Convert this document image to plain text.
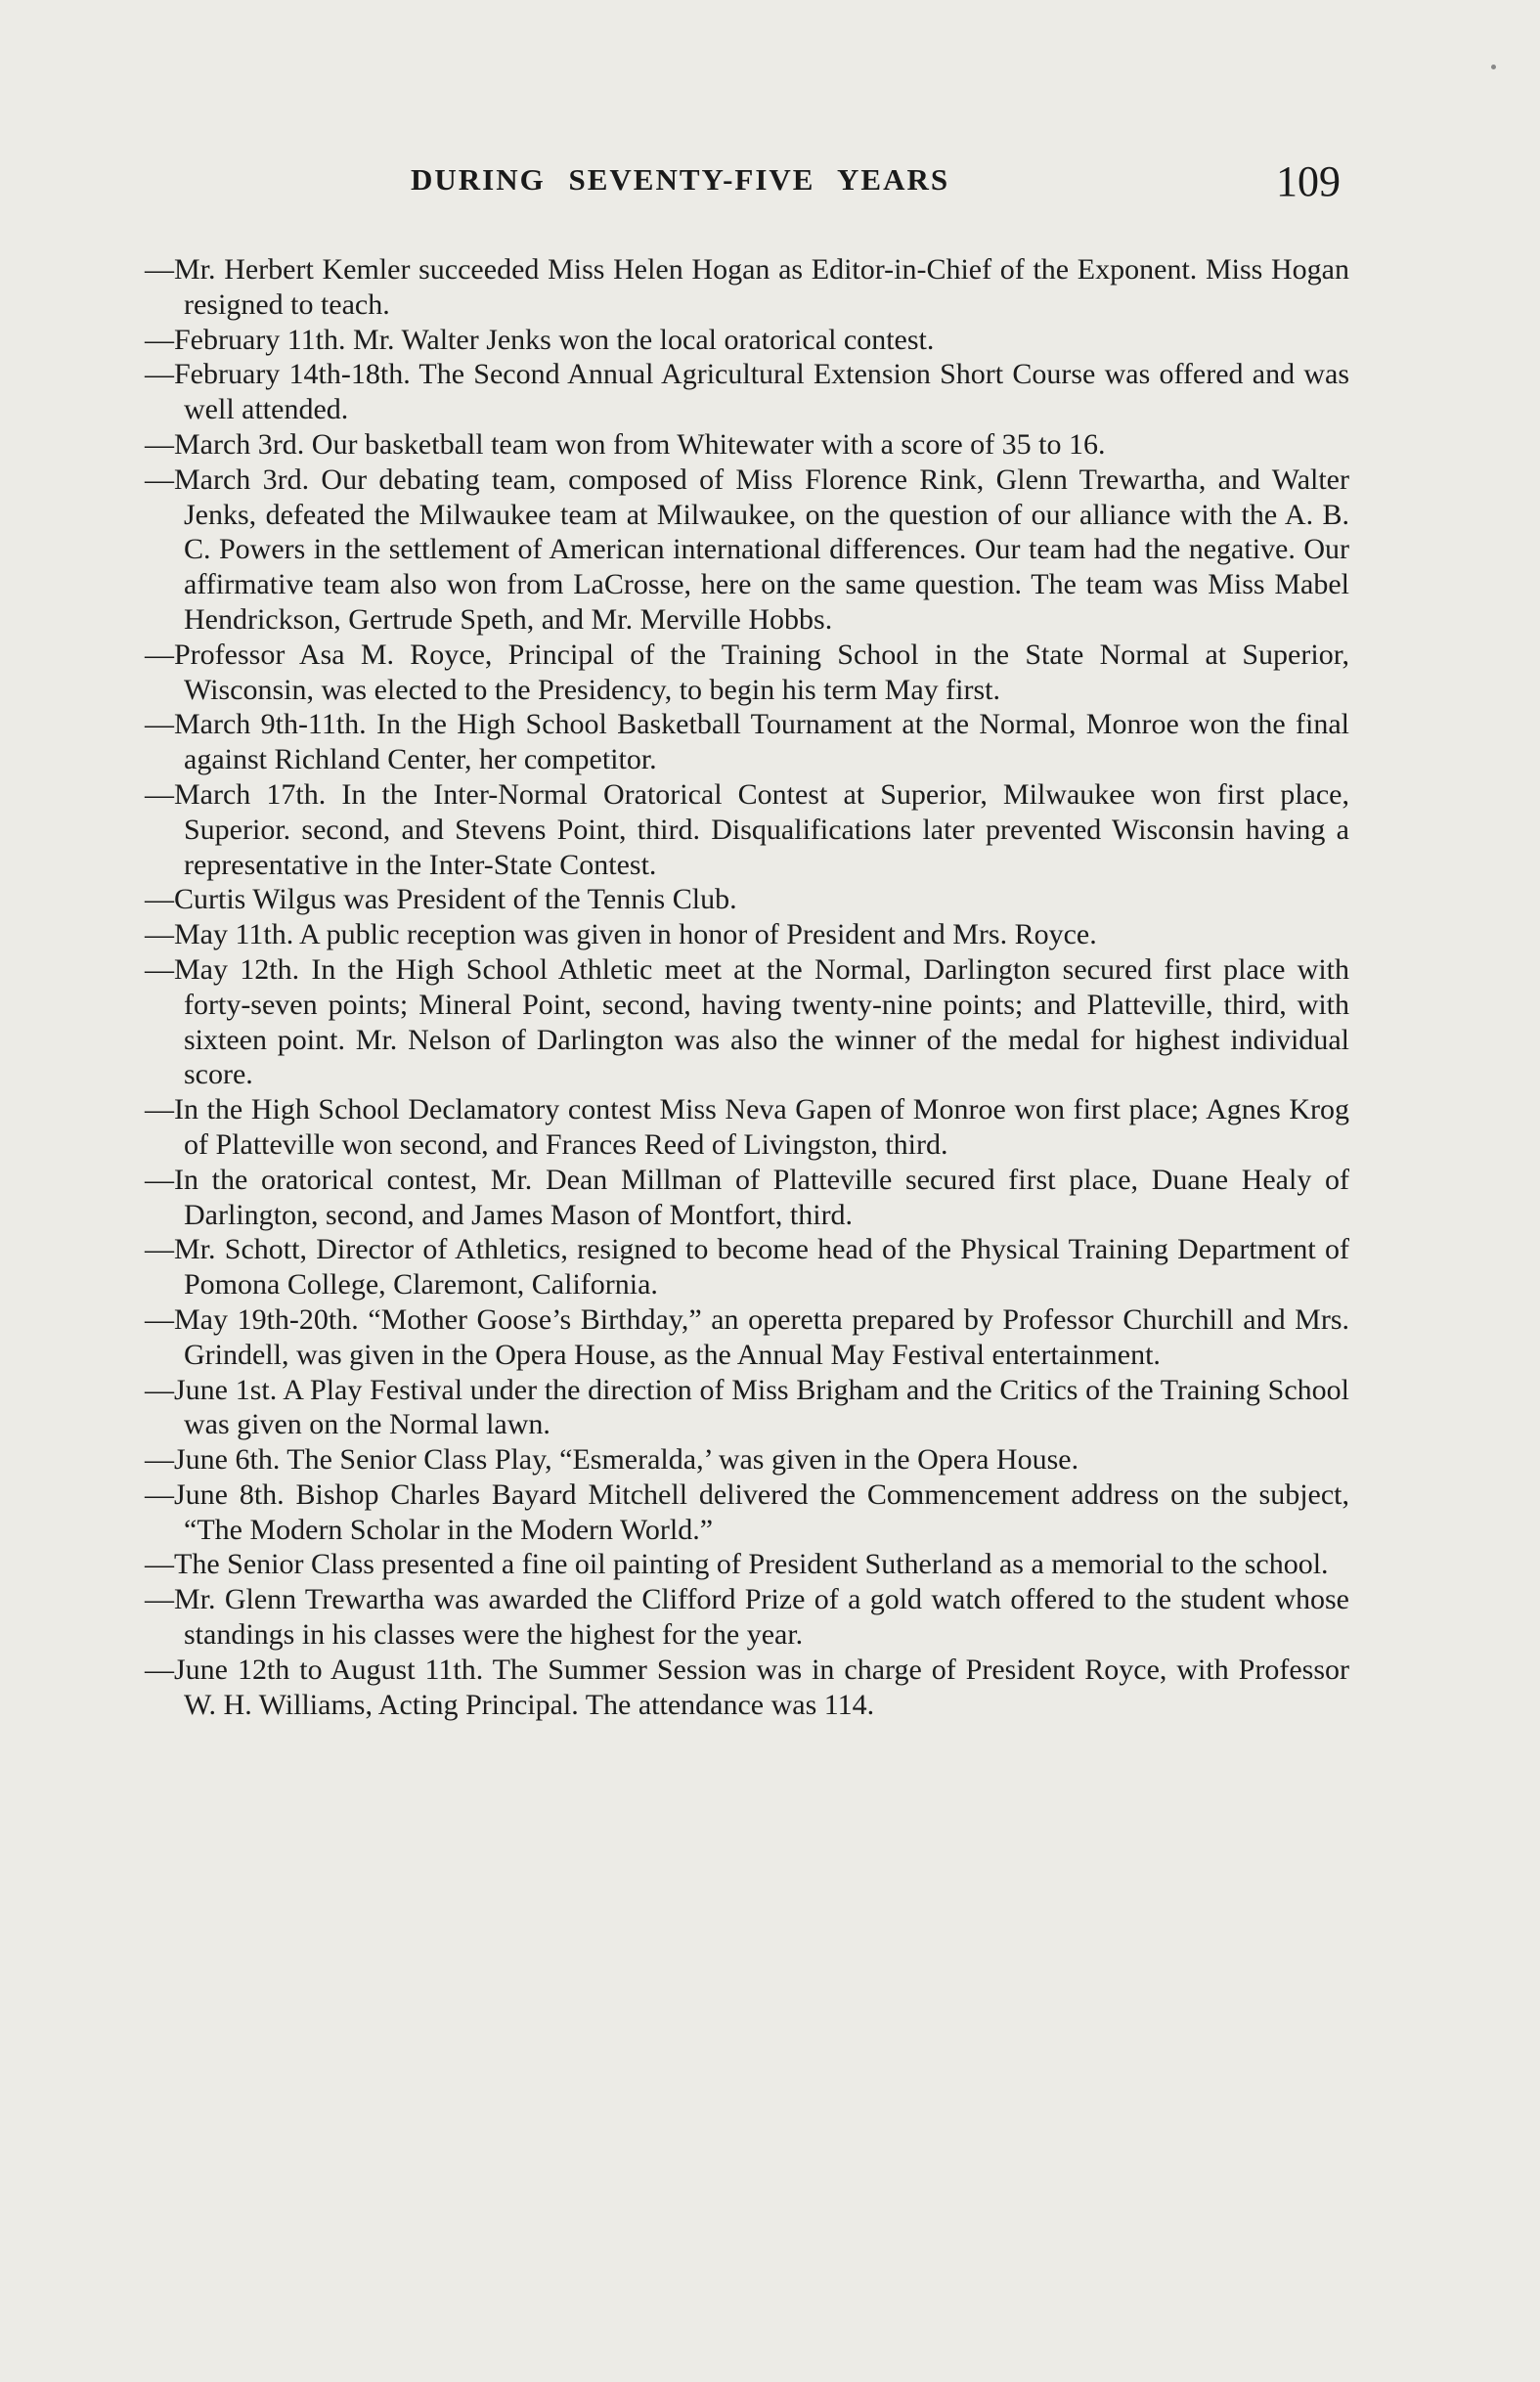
DURING SEVENTY-FIVE YEARS	109
—Mr. Herbert Kemler succeeded Miss Helen Hogan as Editor-in-Chief of the Exponent. Miss Hogan resigned to teach.
—February 11th. Mr. Walter Jenks won the local oratorical contest.
—February 14th-18th. The Second Annual Agricultural Extension Short Course was offered and was well attended.
—March 3rd. Our basketball team won from Whitewater with a score of 35 to 16.
—March 3rd. Our debating team, composed of Miss Florence Rink, Glenn Trewartha, and Walter Jenks, defeated the Milwaukee team at Milwaukee, on the question of our alliance with the A. B. C. Powers in the settlement of American international differences. Our team had the negative. Our affirmative team also won from LaCrosse, here on the same question. The team was Miss Mabel Hendrickson, Gertrude Speth, and Mr. Merville Hobbs.
—Professor Asa M. Royce, Principal of the Training School in the State Normal at Superior, Wisconsin, was elected to the Presidency, to begin his term May first.
—March 9th-11th. In the High School Basketball Tournament at the Normal, Monroe won the final against Richland Center, her competitor.
—March 17th. In the Inter-Normal Oratorical Contest at Superior, Milwaukee won first place, Superior. second, and Stevens Point, third. Disqualifications later prevented Wisconsin having a representative in the Inter-State Contest.
—Curtis Wilgus was President of the Tennis Club.
—May 11th. A public reception was given in honor of President and Mrs. Royce.
—May 12th. In the High School Athletic meet at the Normal, Darlington secured first place with forty-seven points; Mineral Point, second, having twenty-nine points; and Platteville, third, with sixteen point. Mr. Nelson of Darlington was also the winner of the medal for highest individual score.
—In the High School Declamatory contest Miss Neva Gapen of Monroe won first place; Agnes Krog of Platteville won second, and Frances Reed of Livingston, third.
—In the oratorical contest, Mr. Dean Millman of Platteville secured first place, Duane Healy of Darlington, second, and James Mason of Montfort, third.
—Mr. Schott, Director of Athletics, resigned to become head of the Physical Training Department of Pomona College, Claremont, California.
—May 19th-20th. “Mother Goose’s Birthday,” an operetta prepared by Professor Churchill and Mrs. Grindell, was given in the Opera House, as the Annual May Festival entertainment.
—June 1st. A Play Festival under the direction of Miss Brigham and the Critics of the Training School was given on the Normal lawn.
—June 6th. The Senior Class Play, “Esmeralda,’ was given in the Opera House.
—June 8th. Bishop Charles Bayard Mitchell delivered the Commencement address on the subject, “The Modern Scholar in the Modern World.”
—The Senior Class presented a fine oil painting of President Sutherland as a memorial to the school.
—Mr. Glenn Trewartha was awarded the Clifford Prize of a gold watch offered to the student whose standings in his classes were the highest for the year.
—June 12th to August 11th. The Summer Session was in charge of President Royce, with Professor W. H. Williams, Acting Principal. The attendance was 114.
